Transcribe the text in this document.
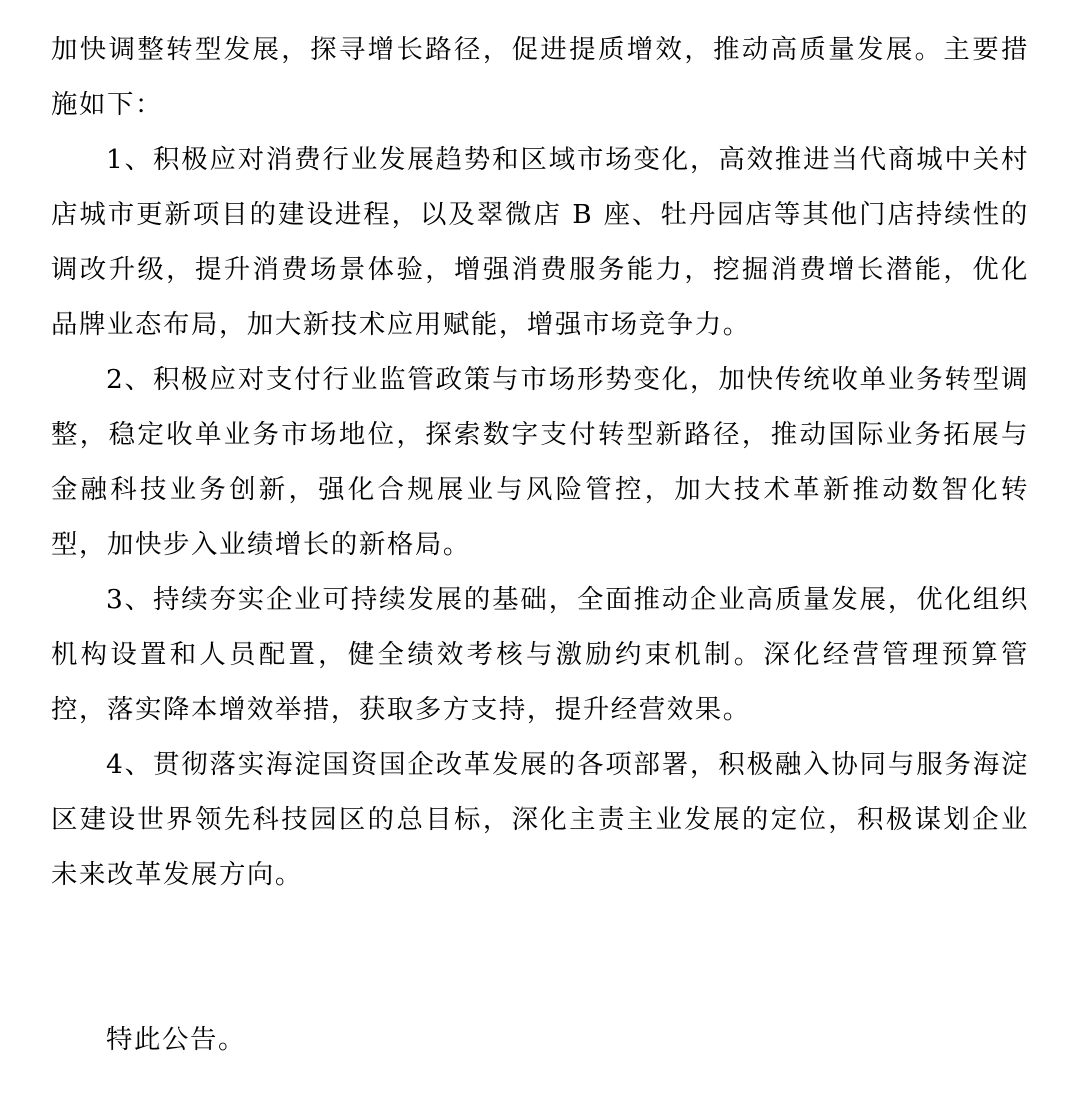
加快调整转型发展，探寻增长路径，促进提质增效，推动高质量发展。主要措施如下：

1、积极应对消费行业发展趋势和区域市场变化，高效推进当代商城中关村店城市更新项目的建设进程，以及翠微店 B 座、牡丹园店等其他门店持续性的调改升级，提升消费场景体验，增强消费服务能力，挖掘消费增长潜能，优化品牌业态布局，加大新技术应用赋能，增强市场竞争力。

2、积极应对支付行业监管政策与市场形势变化，加快传统收单业务转型调整，稳定收单业务市场地位，探索数字支付转型新路径，推动国际业务拓展与金融科技业务创新，强化合规展业与风险管控，加大技术革新推动数智化转型，加快步入业绩增长的新格局。

3、持续夯实企业可持续发展的基础，全面推动企业高质量发展，优化组织机构设置和人员配置，健全绩效考核与激励约束机制。深化经营管理预算管控，落实降本增效举措，获取多方支持，提升经营效果。

4、贯彻落实海淀国资国企改革发展的各项部署，积极融入协同与服务海淀区建设世界领先科技园区的总目标，深化主责主业发展的定位，积极谋划企业未来改革发展方向。

特此公告。
